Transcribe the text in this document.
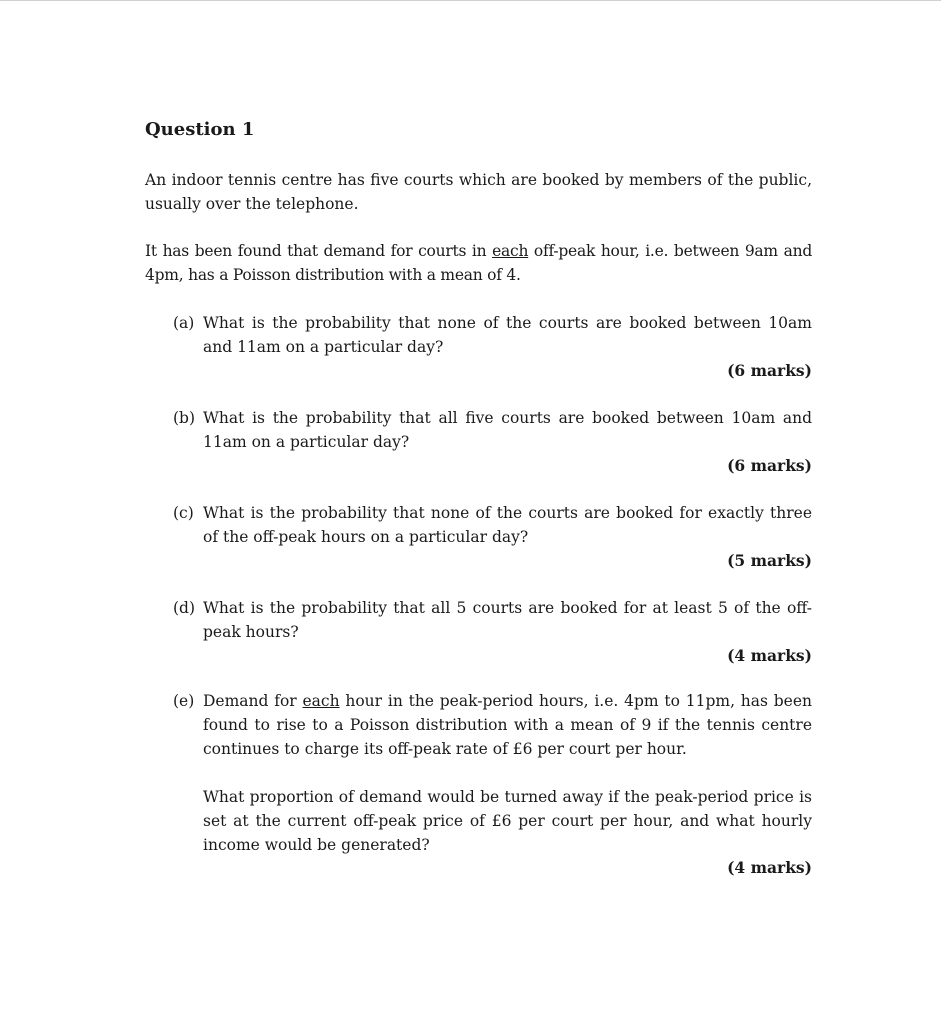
Question 1

An indoor tennis centre has five courts which are booked by members of the public, usually over the telephone.

It has been found that demand for courts in each off-peak hour, i.e. between 9am and 4pm, has a Poisson distribution with a mean of 4.

(a) What is the probability that none of the courts are booked between 10am and 11am on a particular day?
(6 marks)
(b) What is the probability that all five courts are booked between 10am and 11am on a particular day?
(6 marks)
(c) What is the probability that none of the courts are booked for exactly three of the off-peak hours on a particular day?
(5 marks)
(d) What is the probability that all 5 courts are booked for at least 5 of the off-peak hours?
(4 marks)
(e) Demand for each hour in the peak-period hours, i.e. 4pm to 11pm, has been found to rise to a Poisson distribution with a mean of 9 if the tennis centre continues to charge its off-peak rate of £6 per court per hour.

What proportion of demand would be turned away if the peak-period price is set at the current off-peak price of £6 per court per hour, and what hourly income would be generated?

(4 marks)
